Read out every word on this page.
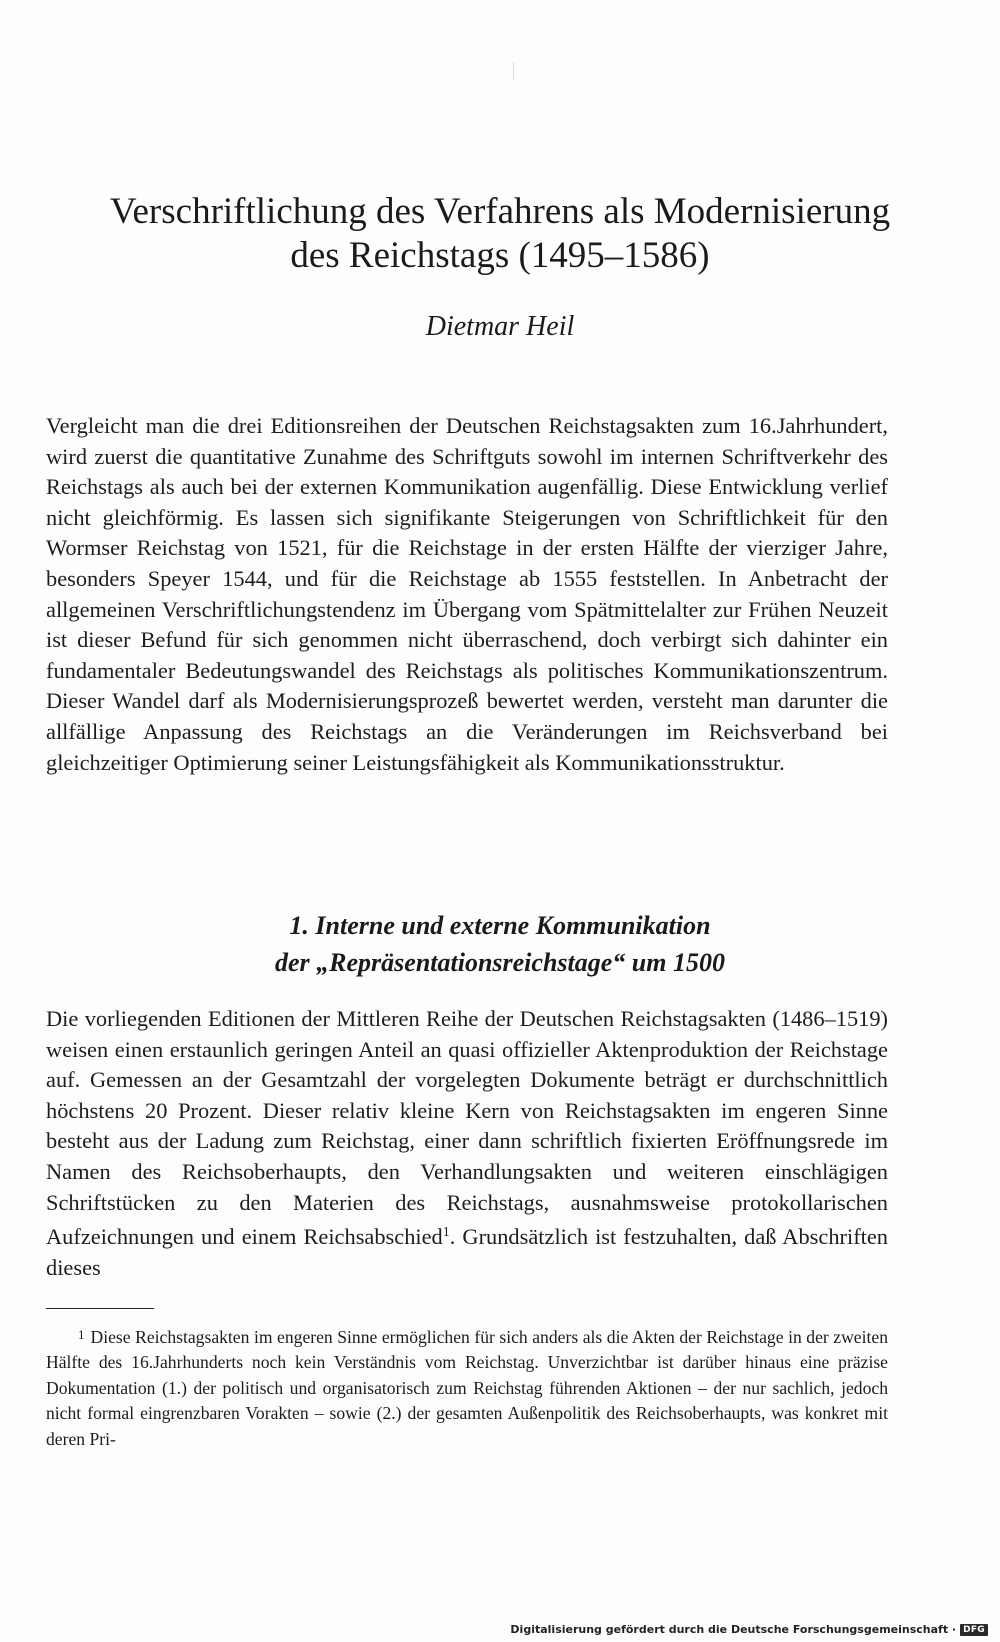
Verschriftlichung des Verfahrens als Modernisierung
des Reichstags (1495–1586)

Dietmar Heil

Vergleicht man die drei Editionsreihen der Deutschen Reichstagsakten zum 16.Jahrhundert, wird zuerst die quantitative Zunahme des Schriftguts sowohl im internen Schriftverkehr des Reichstags als auch bei der externen Kommunikation augenfällig. Diese Entwicklung verlief nicht gleichförmig. Es lassen sich signifikante Steigerungen von Schriftlichkeit für den Wormser Reichstag von 1521, für die Reichstage in der ersten Hälfte der vierziger Jahre, besonders Speyer 1544, und für die Reichstage ab 1555 feststellen. In Anbetracht der allgemeinen Verschriftlichungstendenz im Übergang vom Spätmittelalter zur Frühen Neuzeit ist dieser Befund für sich genommen nicht überraschend, doch verbirgt sich dahinter ein fundamentaler Bedeutungswandel des Reichstags als politisches Kommunikationszentrum. Dieser Wandel darf als Modernisierungsprozeß bewertet werden, versteht man darunter die allfällige Anpassung des Reichstags an die Veränderungen im Reichsverband bei gleichzeitiger Optimierung seiner Leistungsfähigkeit als Kommunikationsstruktur.

1. Interne und externe Kommunikation
der „Repräsentationsreichstage“ um 1500

Die vorliegenden Editionen der Mittleren Reihe der Deutschen Reichstagsakten (1486–1519) weisen einen erstaunlich geringen Anteil an quasi offizieller Aktenproduktion der Reichstage auf. Gemessen an der Gesamtzahl der vorgelegten Dokumente beträgt er durchschnittlich höchstens 20 Prozent. Dieser relativ kleine Kern von Reichstagsakten im engeren Sinne besteht aus der Ladung zum Reichstag, einer dann schriftlich fixierten Eröffnungsrede im Namen des Reichsoberhaupts, den Verhandlungsakten und weiteren einschlägigen Schriftstücken zu den Materien des Reichstags, ausnahmsweise protokollarischen Aufzeichnungen und einem Reichsabschied$^1$. Grundsätzlich ist festzuhalten, daß Abschriften dieses

$^1$ Diese Reichstagsakten im engeren Sinne ermöglichen für sich anders als die Akten der Reichstage in der zweiten Hälfte des 16.Jahrhunderts noch kein Verständnis vom Reichstag. Unverzichtbar ist darüber hinaus eine präzise Dokumentation (1.) der politisch und organisatorisch zum Reichstag führenden Aktionen – der nur sachlich, jedoch nicht formal eingrenzbaren Vorakten – sowie (2.) der gesamten Außenpolitik des Reichsoberhaupts, was konkret mit deren Pri-

Digitalisierung gefördert durch die Deutsche Forschungsgemeinschaft · DFG
